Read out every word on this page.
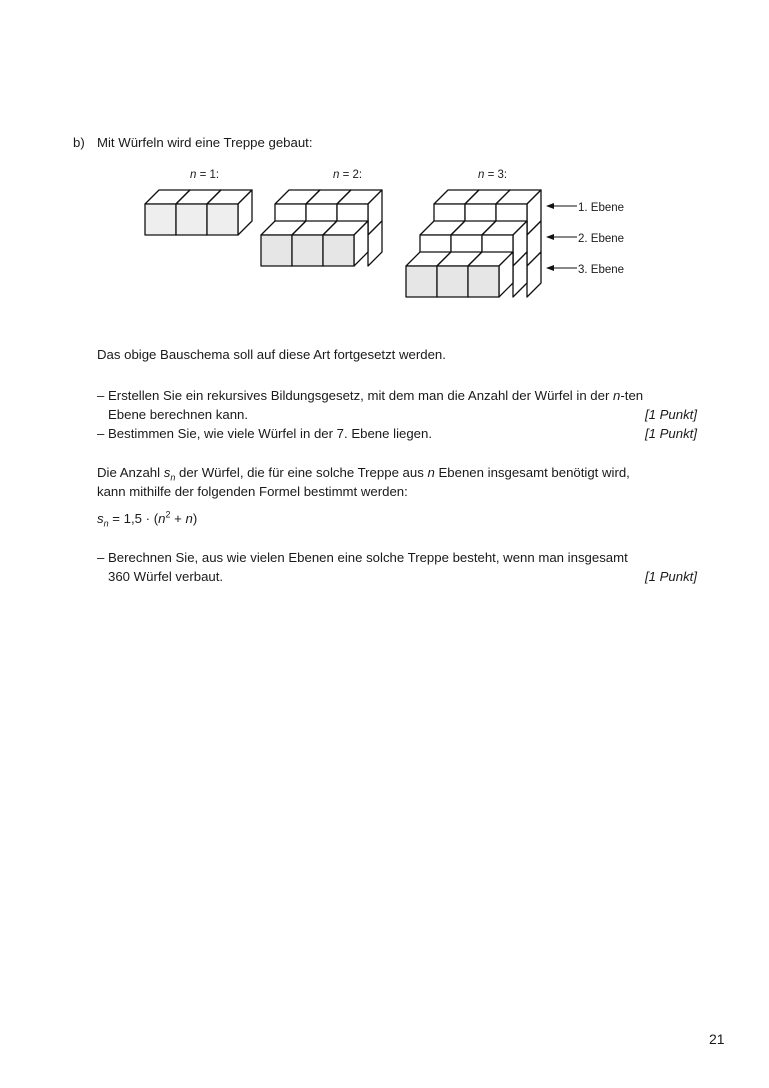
b) Mit Würfeln wird eine Treppe gebaut:
n = 1:	n = 2:	n = 3:
1. Ebene
2. Ebene
3. Ebene
Das obige Bauschema soll auf diese Art fortgesetzt werden.
– Erstellen Sie ein rekursives Bildungsgesetz, mit dem man die Anzahl der Würfel in der n-ten
Ebene berechnen kann.	[1 Punkt]
– Bestimmen Sie, wie viele Würfel in der 7. Ebene liegen.	[1 Punkt]
Die Anzahl $s_n$ der Würfel, die für eine solche Treppe aus n Ebenen insgesamt benötigt wird,
kann mithilfe der folgenden Formel bestimmt werden:
$s_n = 1,5 \cdot (n^2 + n)$
– Berechnen Sie, aus wie vielen Ebenen eine solche Treppe besteht, wenn man insgesamt
360 Würfel verbaut.	[1 Punkt]
21
